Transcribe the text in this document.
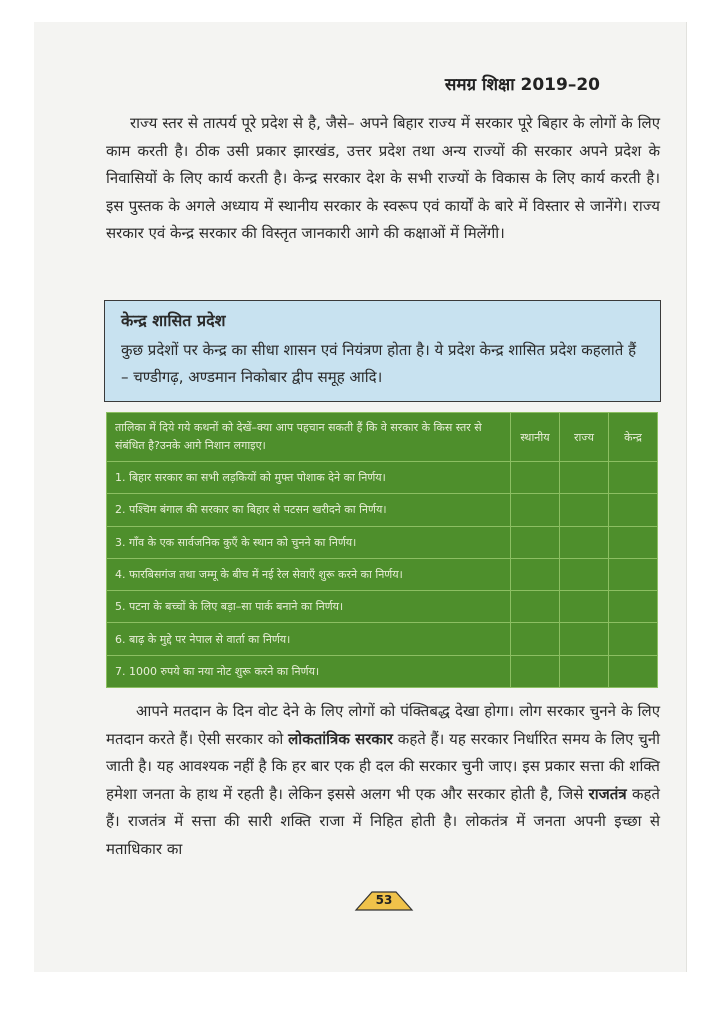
समग्र शिक्षा 2019–20

राज्य स्तर से तात्पर्य पूरे प्रदेश से है, जैसे– अपने बिहार राज्य में सरकार पूरे बिहार के लोगों के लिए काम करती है। ठीक उसी प्रकार झारखंड, उत्तर प्रदेश तथा अन्य राज्यों की सरकार अपने प्रदेश के निवासियों के लिए कार्य करती है। केन्द्र सरकार देश के सभी राज्यों के विकास के लिए कार्य करती है। इस पुस्तक के अगले अध्याय में स्थानीय सरकार के स्वरूप एवं कार्यों के बारे में विस्तार से जानेंगे। राज्य सरकार एवं केन्द्र सरकार की विस्तृत जानकारी आगे की कक्षाओं में मिलेंगी।

केन्द्र शासित प्रदेश

कुछ प्रदेशों पर केन्द्र का सीधा शासन एवं नियंत्रण होता है। ये प्रदेश केन्द्र शासित प्रदेश कहलाते हैं – चण्डीगढ़, अण्डमान निकोबार द्वीप समूह आदि।

तालिका में दिये गये कथनों को देखें–क्या आप पहचान सकती हैं कि वे सरकार के किस स्तर से संबंधित है?उनके आगे निशान लगाइए।	स्थानीय	राज्य	केन्द्र
1. बिहार सरकार का सभी लड़कियों को मुफ्त पोशाक देने का निर्णय।			
2. पश्चिम बंगाल की सरकार का बिहार से पटसन खरीदने का निर्णय।			
3. गाँव के एक सार्वजनिक कुएँ के स्थान को चुनने का निर्णय।			
4. फारबिसगंज तथा जम्मू के बीच में नई रेल सेवाएँ शुरू करने का निर्णय।			
5. पटना के बच्चों के लिए बड़ा–सा पार्क बनाने का निर्णय।			
6. बाढ़ के मुद्दे पर नेपाल से वार्ता का निर्णय।			
7. 1000 रुपये का नया नोट शुरू करने का निर्णय।			

आपने मतदान के दिन वोट देने के लिए लोगों को पंक्तिबद्ध देखा होगा। लोग सरकार चुनने के लिए मतदान करते हैं। ऐसी सरकार को लोकतांत्रिक सरकार कहते हैं। यह सरकार निर्धारित समय के लिए चुनी जाती है। यह आवश्यक नहीं है कि हर बार एक ही दल की सरकार चुनी जाए। इस प्रकार सत्ता की शक्ति हमेशा जनता के हाथ में रहती है। लेकिन इससे अलग भी एक और सरकार होती है, जिसे राजतंत्र कहते हैं। राजतंत्र में सत्ता की सारी शक्ति राजा में निहित होती है। लोकतंत्र में जनता अपनी इच्छा से मताधिकार का

53
